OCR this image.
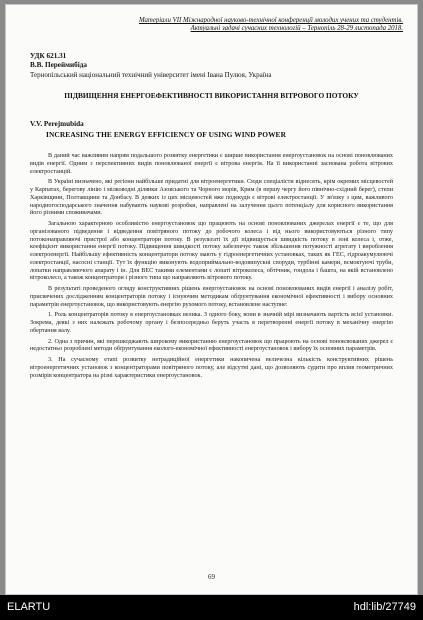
Матеріали VII Міжнародної науково-технічної конференції молодих учених та студентів.
Актуальні задачі сучасних технологій – Тернопіль 28-29 листопада 2018.
УДК 621.31
В.В. Переймибіда
Тернопільський національний технічний університет імені Івана Пулюя, Україна
ПІДВИЩЕННЯ ЕНЕРГОЕФЕКТИВНОСТІ ВИКОРИСТАННЯ ВІТРОВОГО ПОТОКУ
V.V. Perejmubida
INCREASING THE ENERGY EFFICIENCY OF USING WIND POWER

В даний час важливим напрям подальшого розвитку енергетики є ширше використання енергоустановок на основі поновлюваних видів енергії. Одним з перспективних видів поновлюваної енергії є вітрова енергія. На її використанні заснована робота вітрових електростанцій.

В Україні визначено, які регіони найбільше придатні для вітроенергетики. Сюди спеціалісти віднесять, крім окремих місцевостей у Карпатах, берегову лінію і мілководні ділянки Азовського та Чорного морів, Крим (в першу чергу його північно-східний берег), степи Харківщини, Полтавщини та Донбасу. В деяких із цих місцевостей вже подекуди є вітрові електростанції. У зв'язку з цим, важливого народногосподарського значення набувають наукові розробки, направлені на залучення цього потенціалу для корисного використання його різними споживачами.

Загальною характерною особливістю енергоустановок що працюють на основі поновлюваних джерелах енергії є те, що для організованого підведення і відведення повітряного потоку до робочого колеса і від нього використовуються різного типу потоконаправляючі пристрої або концентратори потоку. В результаті їх дії підвищується швидкість потоку в зоні колеса і, отже, коефіцієнт використання енергії потоку. Підвищення швидкості потоку забезпечує також збільшення потужності агрегату і вироблення електроенергії. Найбільшу ефективність концентратори потоку мають у гідроенергетичних установках, таких як ГЕС, гідроакумулюючі електростанції, насосні станції. Тут їх функцію виконують водоприймально-водовипускні споруди, турбінні камери, всмоктуючі труби, лопатки направляючого апарату і ін. Для ВЕС такими елементами є лопаті вітроколеса, обтічник, гондола і башта, на якій встановлено вітроколесо, а також концентратори і різного типа що направляють вітрового потоку.

В результаті проведеного огляду конструктивних рішень енергоустановок на основі поновлюваних видів енергії і аналізу робіт, присвячених дослідженням концентраторів потоку і існуючим методикам обґрунтування економічної ефективності і вибору основних параметрів енергоустановок, що використовують енергію рухомого потоку, встановлене наступне:

1. Роль концентраторів потоку в енергоустановках велика. З одного боку, вони в значній мірі визначають вартість всієї установки. Зокрема, деякі з них належать робочому органу і безпосередньо беруть участь в перетворенні енергії потоку в механічну енергію обертання валу.

2. Одна з причин, які перешкоджають широкому використанню енергоустановок що працюють на основі поновлюваних джерел є недостатньо розроблені методи обґрунтування еколого-економічної ефективності енергоустановок і вибору їх основних параметрів.

3. На сучасному етапі розвитку нетрадиційної енергетики накопичена величезна кількість конструктивних рішень вітроенергетичних установок з концентраторами повітряного потоку, але відсутні дані, що дозволяють судити про вплив геометричних розмірів концентратора на різні характеристики енергоустановок.

69
ELARTU	hdl:lib/27749
